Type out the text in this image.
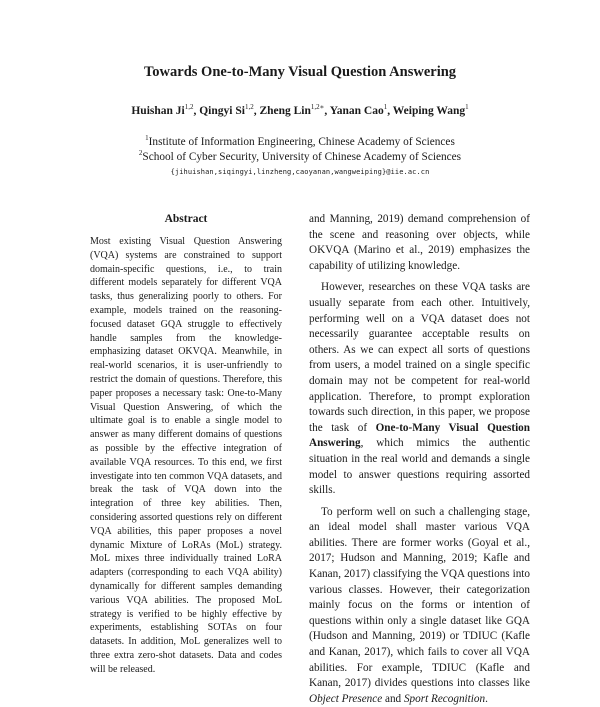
Towards One-to-Many Visual Question Answering
Huishan Ji$^{1,2}$, Qingyi Si$^{1,2}$, Zheng Lin$^{1,2∗}$, Yanan Cao$^1$, Weiping Wang$^1$
$^1$Institute of Information Engineering, Chinese Academy of Sciences
$^2$School of Cyber Security, University of Chinese Academy of Sciences
{jihuishan,siqingyi,linzheng,caoyanan,wangweiping}@iie.ac.cn
Abstract
Most existing Visual Question Answering (VQA) systems are constrained to support domain-specific questions, i.e., to train different models separately for different VQA tasks, thus generalizing poorly to others. For example, models trained on the reasoning-focused dataset GQA struggle to effectively handle samples from the knowledge-emphasizing dataset OKVQA. Meanwhile, in real-world scenarios, it is user-unfriendly to restrict the domain of questions. Therefore, this paper proposes a necessary task: One-to-Many Visual Question Answering, of which the ultimate goal is to enable a single model to answer as many different domains of questions as possible by the effective integration of available VQA resources. To this end, we first investigate into ten common VQA datasets, and break the task of VQA down into the integration of three key abilities. Then, considering assorted questions rely on different VQA abilities, this paper proposes a novel dynamic Mixture of LoRAs (MoL) strategy. MoL mixes three individually trained LoRA adapters (corresponding to each VQA ability) dynamically for different samples demanding various VQA abilities. The proposed MoL strategy is verified to be highly effective by experiments, establishing SOTAs on four datasets. In addition, MoL generalizes well to three extra zero-shot datasets. Data and codes will be released.

and Manning, 2019) demand comprehension of the scene and reasoning over objects, while OKVQA (Marino et al., 2019) emphasizes the capability of utilizing knowledge.

However, researches on these VQA tasks are usually separate from each other. Intuitively, performing well on a VQA dataset does not necessarily guarantee acceptable results on others. As we can expect all sorts of questions from users, a model trained on a single specific domain may not be competent for real-world application. Therefore, to prompt exploration towards such direction, in this paper, we propose the task of One-to-Many Visual Question Answering, which mimics the authentic situation in the real world and demands a single model to answer questions requiring assorted skills.

To perform well on such a challenging stage, an ideal model shall master various VQA abilities. There are former works (Goyal et al., 2017; Hudson and Manning, 2019; Kafle and Kanan, 2017) classifying the VQA questions into various classes. However, their categorization mainly focus on the forms or intention of questions within only a single dataset like GQA (Hudson and Manning, 2019) or TDIUC (Kafle and Kanan, 2017), which fails to cover all VQA abilities. For example, TDIUC (Kafle and Kanan, 2017) divides questions into classes like Object Presence and Sport Recognition.
